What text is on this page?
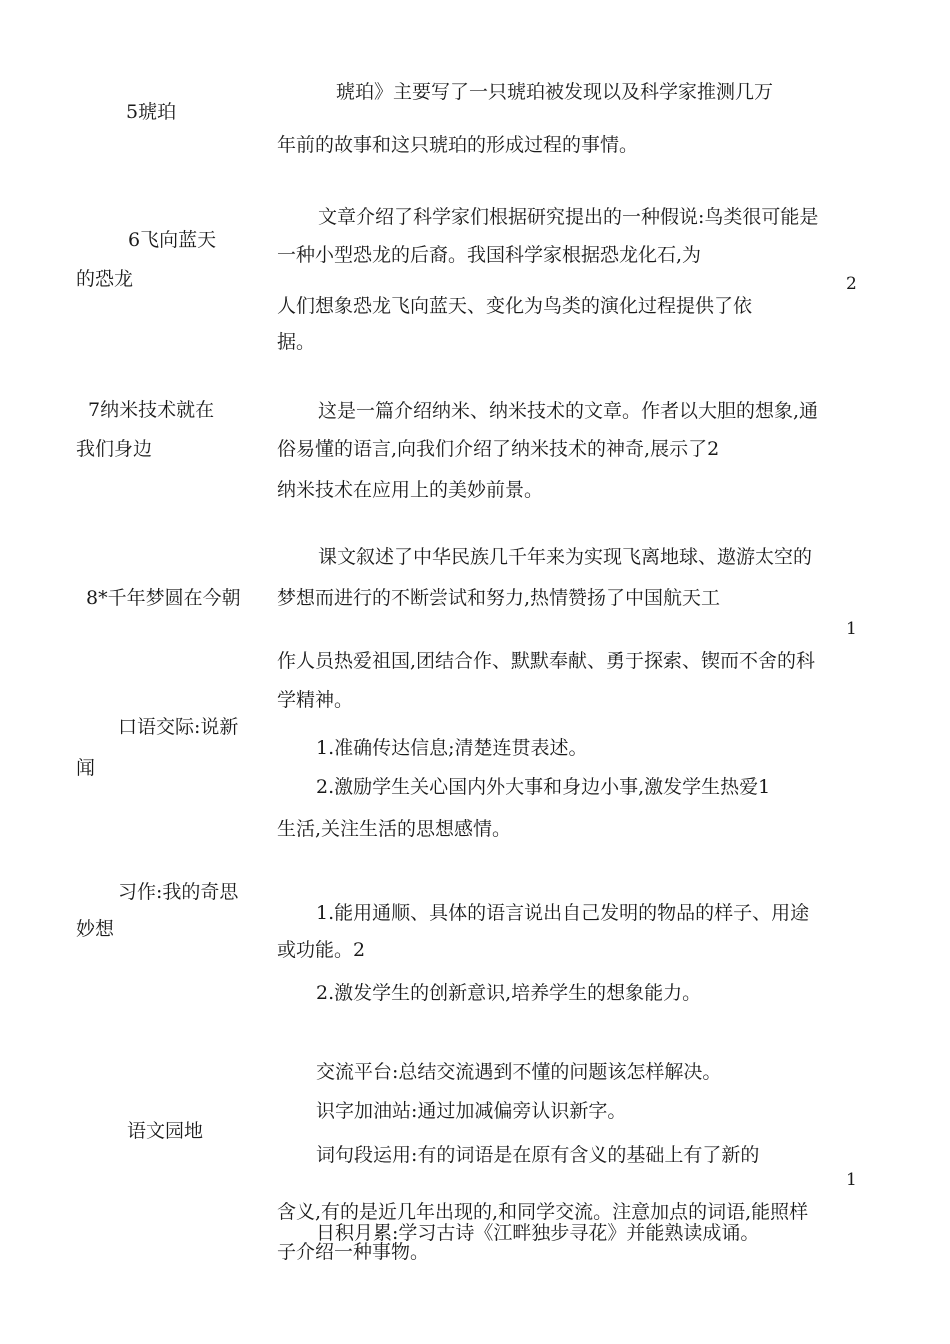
5琥珀
琥珀》主要写了一只琥珀被发现以及科学家推测几万
年前的故事和这只琥珀的形成过程的事情。
6飞向蓝天
的恐龙
文章介绍了科学家们根据研究提出的一种假说:鸟类很可能是
一种小型恐龙的后裔。我国科学家根据恐龙化石,为
人们想象恐龙飞向蓝天、变化为鸟类的演化过程提供了依
据。
2
7纳米技术就在
我们身边
这是一篇介绍纳米、纳米技术的文章。作者以大胆的想象,通
俗易懂的语言,向我们介绍了纳米技术的神奇,展示了2
纳米技术在应用上的美妙前景。
8*千年梦圆在今朝
课文叙述了中华民族几千年来为实现飞离地球、遨游太空的
梦想而进行的不断尝试和努力,热情赞扬了中国航天工
作人员热爱祖国,团结合作、默默奉献、勇于探索、锲而不舍的科
学精神。
1
口语交际:说新
闻
1.准确传达信息;清楚连贯表述。
2.激励学生关心国内外大事和身边小事,激发学生热爱1
生活,关注生活的思想感情。
习作:我的奇思
妙想
1.能用通顺、具体的语言说出自己发明的物品的样子、用途
或功能。2
2.激发学生的创新意识,培养学生的想象能力。
语文园地
交流平台:总结交流遇到不懂的问题该怎样解决。
识字加油站:通过加减偏旁认识新字。
词句段运用:有的词语是在原有含义的基础上有了新的
含义,有的是近几年出现的,和同学交流。注意加点的词语,能照样
日积月累:学习古诗《江畔独步寻花》并能熟读成诵。
子介绍一种事物。
1
